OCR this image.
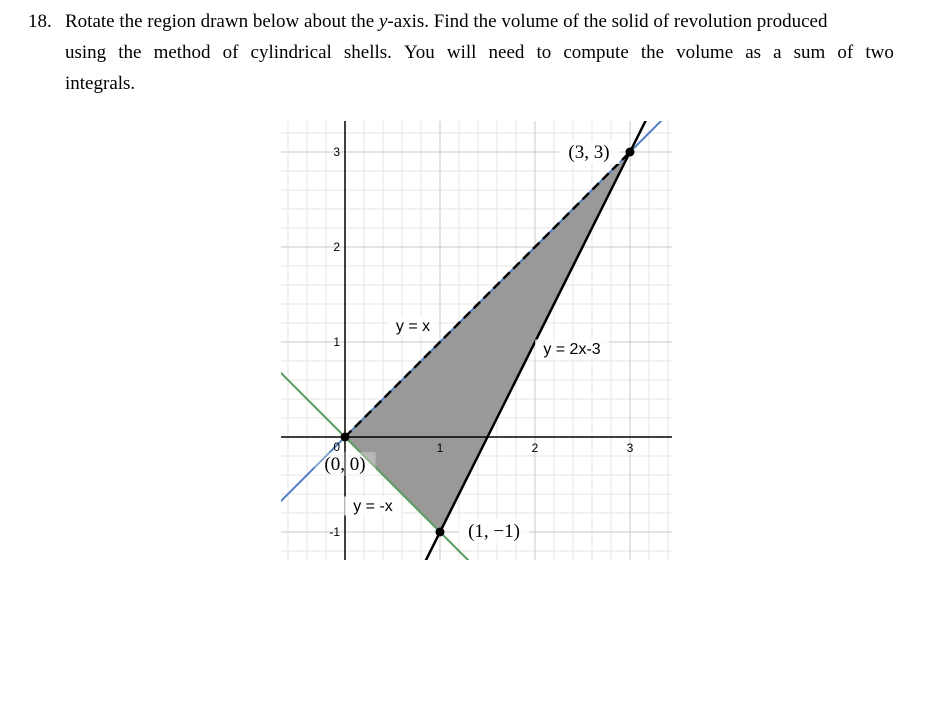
18. Rotate the region drawn below about the y-axis. Find the volume of the solid of revolution produced
using the method of cylindrical shells. You will need to compute the volume as a sum of two
integrals.
1	2	3
3
2
1
-1
0
y = x
y = -x
y = 2x-3
(0, 0)
(3, 3)
(1, −1)
